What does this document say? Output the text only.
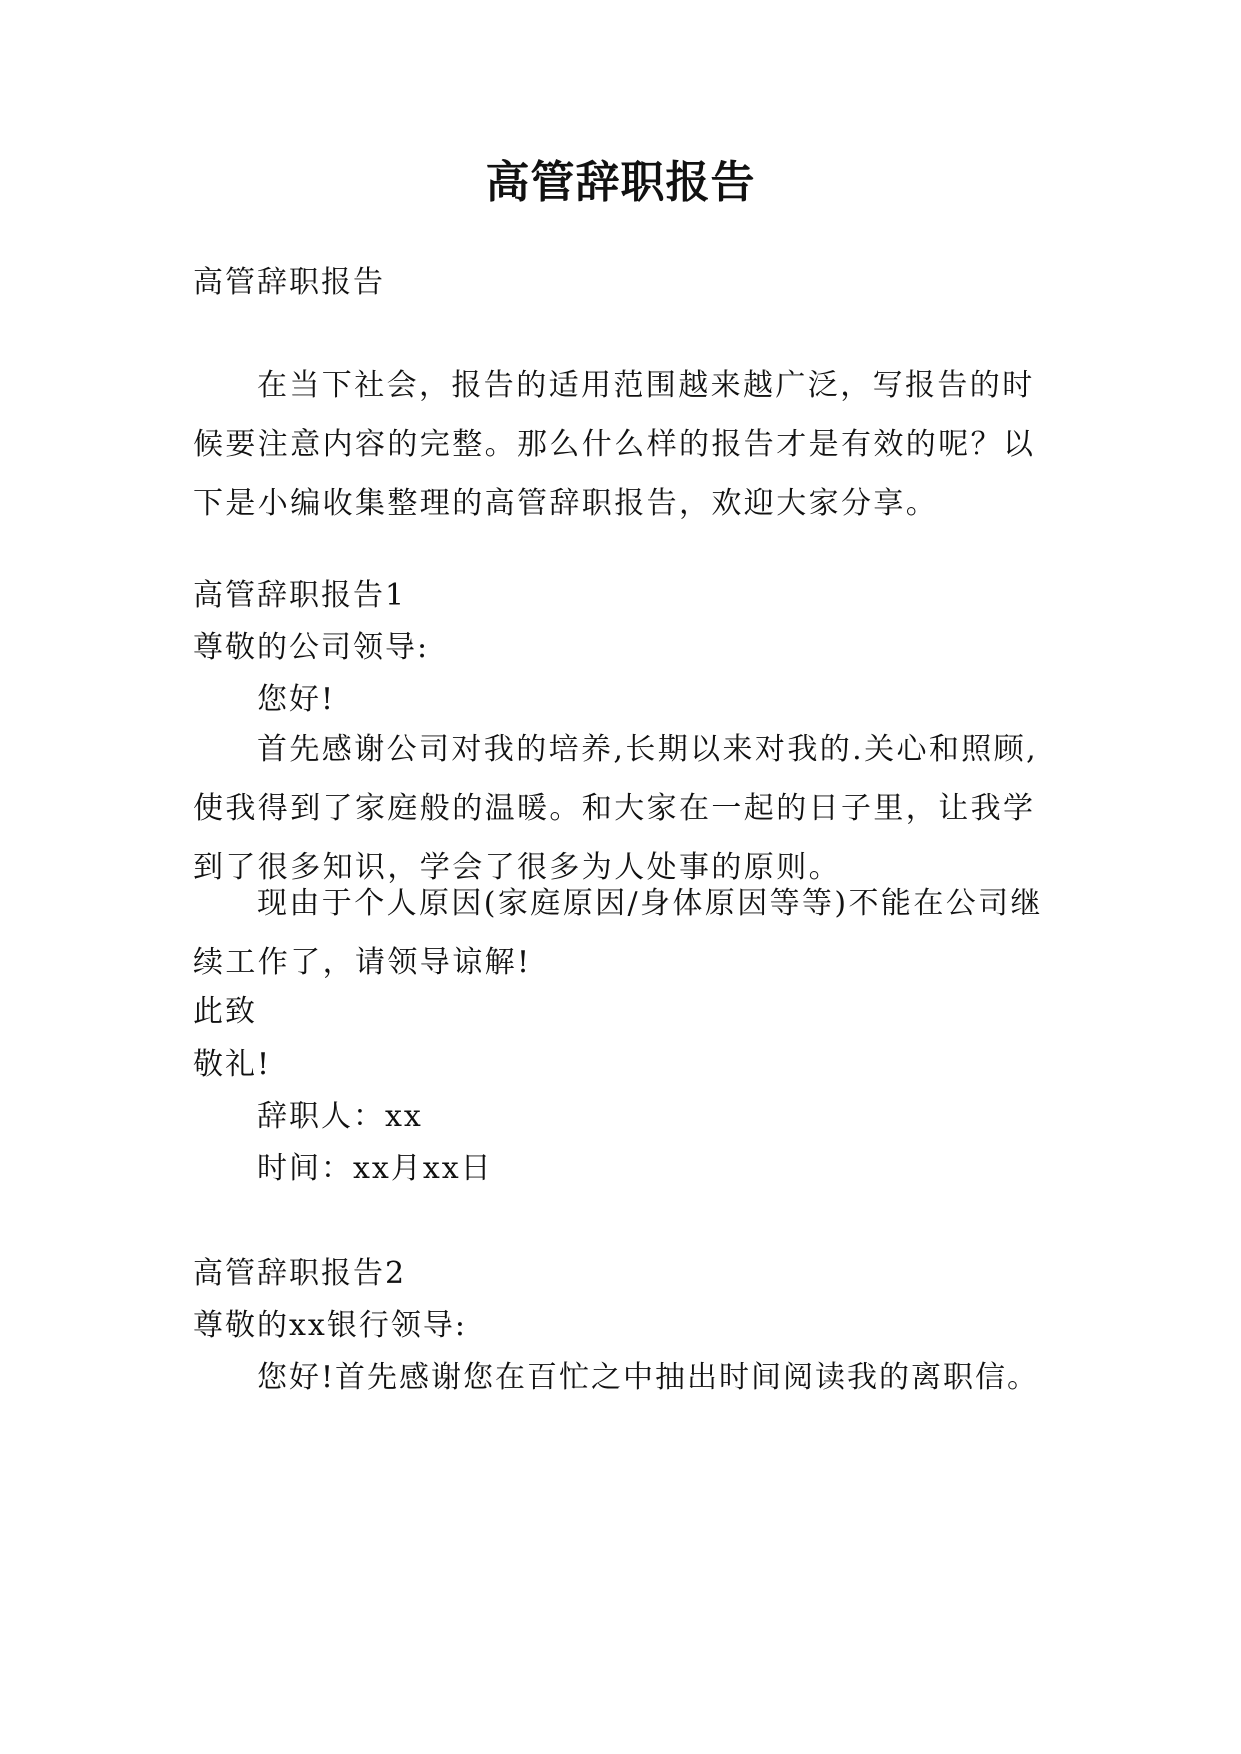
高管辞职报告
高管辞职报告

在当下社会，报告的适用范围越来越广泛，写报告的时候要注意内容的完整。那么什么样的报告才是有效的呢？以下是小编收集整理的高管辞职报告，欢迎大家分享。

高管辞职报告1
尊敬的公司领导:
您好!

首先感谢公司对我的培养,长期以来对我的.关心和照顾,使我得到了家庭般的温暖。和大家在一起的日子里，让我学到了很多知识，学会了很多为人处事的原则。

现由于个人原因(家庭原因/身体原因等等)不能在公司继续工作了，请领导谅解!

此致
敬礼!
辞职人：xx
时间：xx月xx日
高管辞职报告2
尊敬的xx银行领导:
您好!首先感谢您在百忙之中抽出时间阅读我的离职信。
